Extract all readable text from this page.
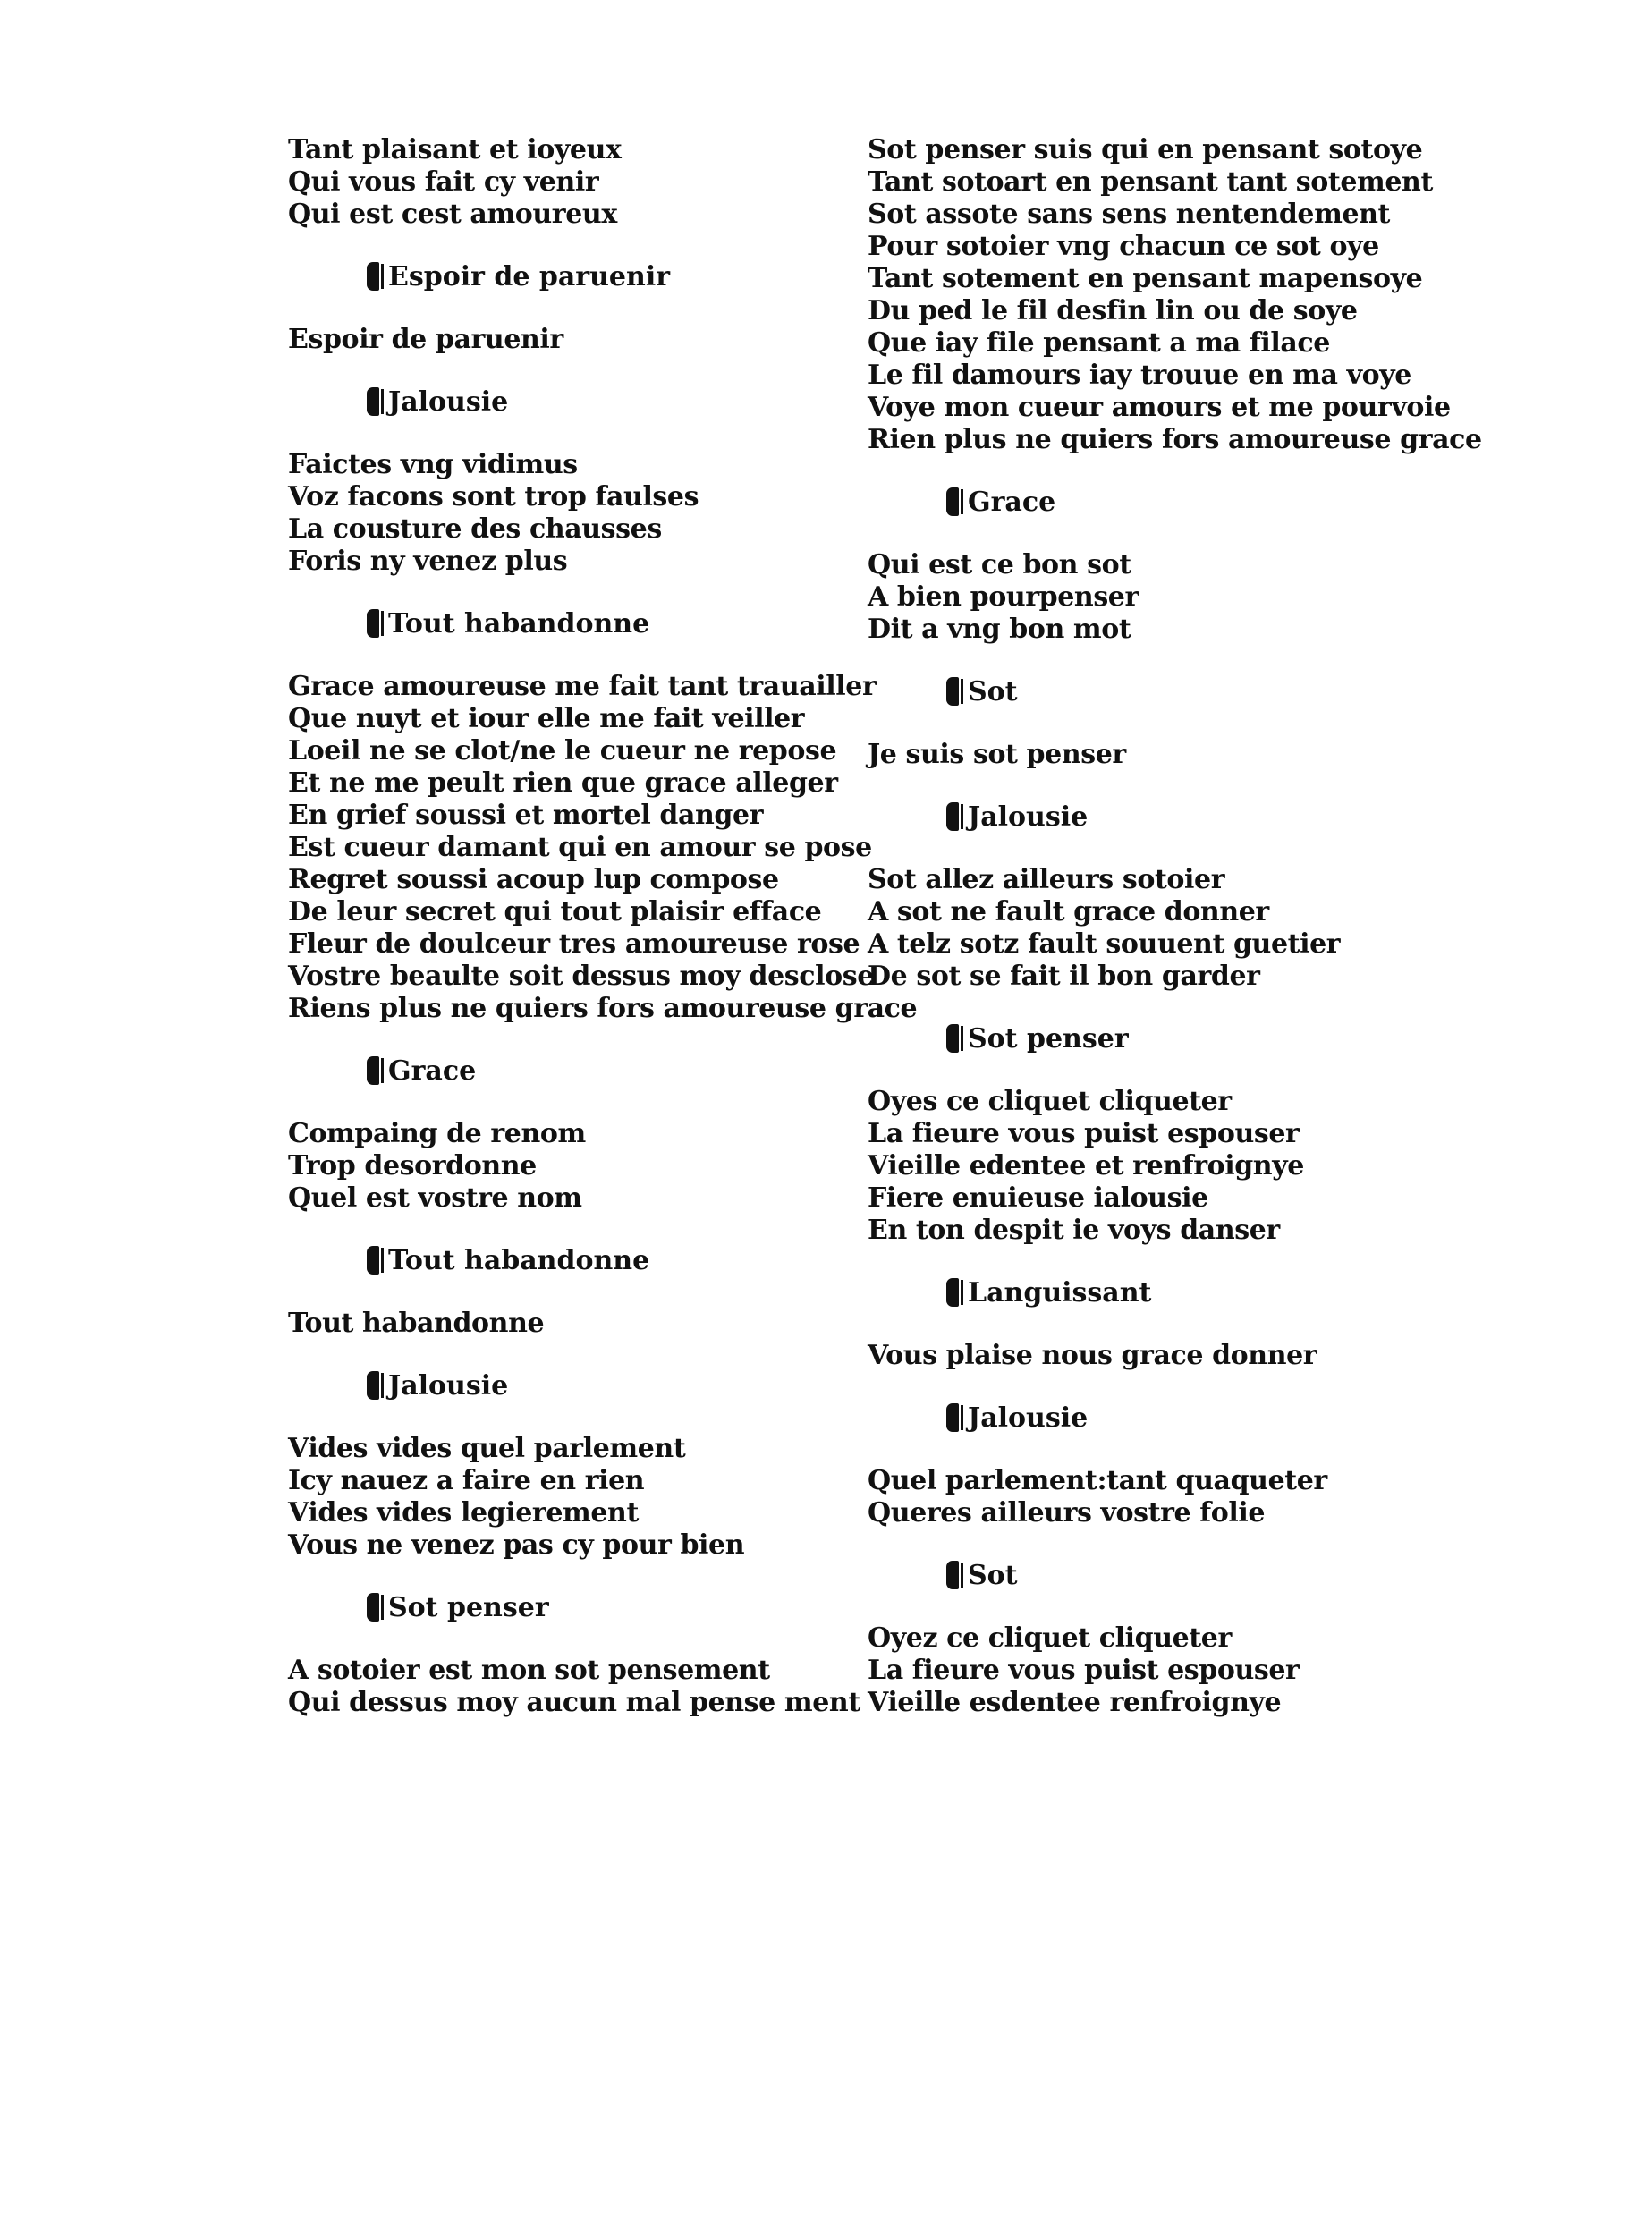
Tant plaisant et ioyeux
Qui vous fait cy venir
Qui est cest amoureux
Espoir de paruenir
Espoir de paruenir
Jalousie
Faictes vng vidimus
Voz facons sont trop faulses
La cousture des chausses
Foris ny venez plus
Tout habandonne
Grace amoureuse me fait tant trauailler
Que nuyt et iour elle me fait veiller
Loeil ne se clot/ne le cueur ne repose
Et ne me peult rien que grace alleger
En grief soussi et mortel danger
Est cueur damant qui en amour se pose
Regret soussi acoup lup compose
De leur secret qui tout plaisir efface
Fleur de doulceur tres amoureuse rose
Vostre beaulte soit dessus moy desclose
Riens plus ne quiers fors amoureuse grace
Grace
Compaing de renom
Trop desordonne
Quel est vostre nom
Tout habandonne
Tout habandonne
Jalousie
Vides vides quel parlement
Icy nauez a faire en rien
Vides vides legierement
Vous ne venez pas cy pour bien
Sot penser
A sotoier est mon sot pensement
Qui dessus moy aucun mal pense ment
Sot penser suis qui en pensant sotoye
Tant sotoart en pensant tant sotement
Sot assote sans sens nentendement
Pour sotoier vng chacun ce sot oye
Tant sotement en pensant mapensoye
Du ped le fil desfin lin ou de soye
Que iay file pensant a ma filace
Le fil damours iay trouue en ma voye
Voye mon cueur amours et me pourvoie
Rien plus ne quiers fors amoureuse grace
Grace
Qui est ce bon sot
A bien pourpenser
Dit a vng bon mot
Sot
Je suis sot penser
Jalousie
Sot allez ailleurs sotoier
A sot ne fault grace donner
A telz sotz fault souuent guetier
De sot se fait il bon garder
Sot penser
Oyes ce cliquet cliqueter
La fieure vous puist espouser
Vieille edentee et renfroignye
Fiere enuieuse ialousie
En ton despit ie voys danser
Languissant
Vous plaise nous grace donner
Jalousie
Quel parlement:tant quaqueter
Queres ailleurs vostre folie
Sot
Oyez ce cliquet cliqueter
La fieure vous puist espouser
Vieille esdentee renfroignye
